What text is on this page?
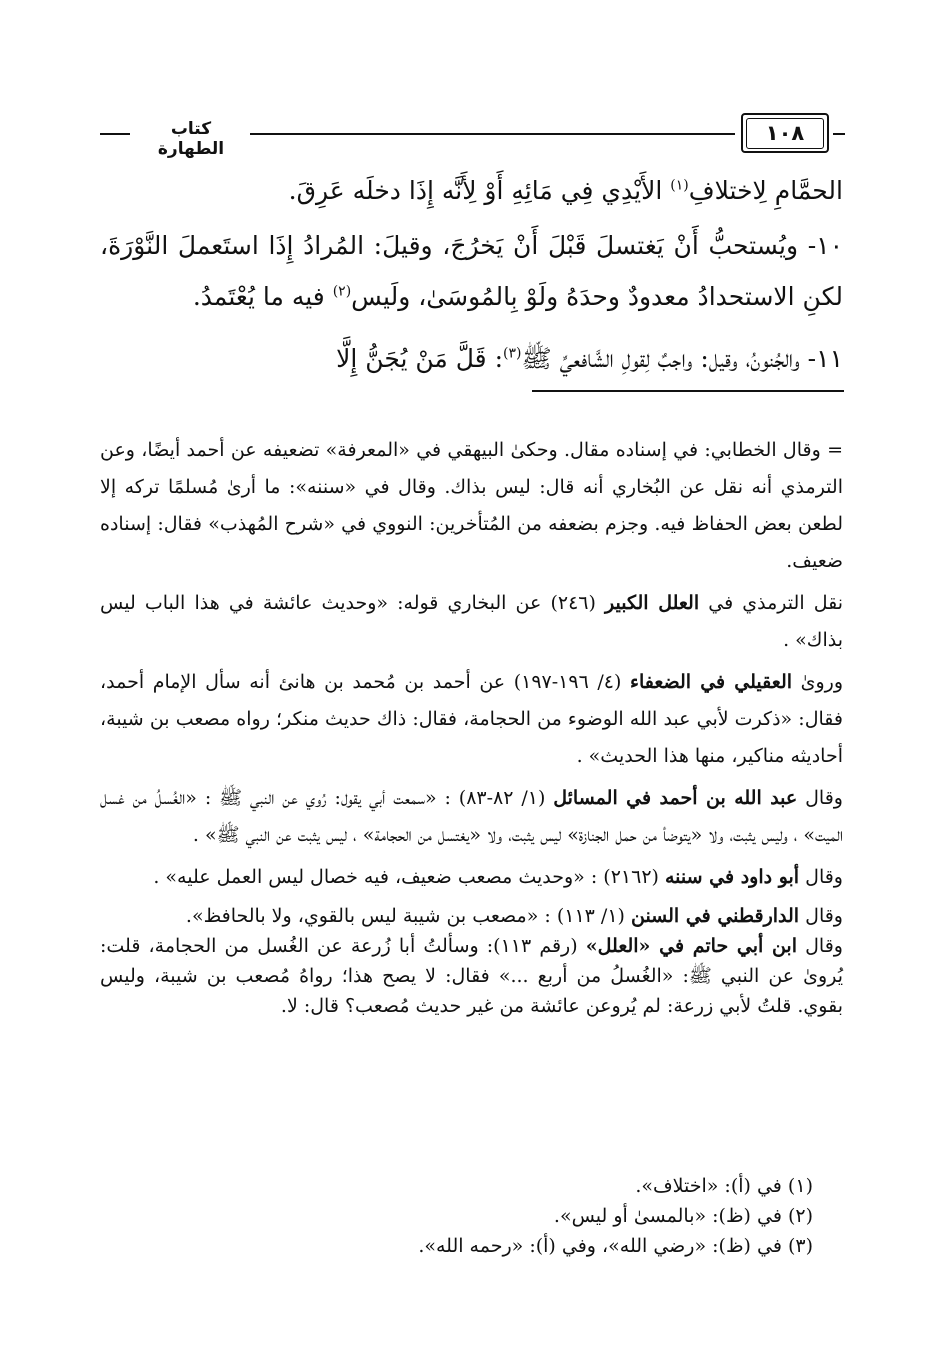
١٠٨
كتاب الطهارة

الحمَّامِ لِاختلافِ$^{(١)}$ الأَيْدِي فِي مَائِهِ أَوْ لِأَنَّه إِذَا دخلَه عَرِقَ.

١٠- ويُستحبُّ أَنْ يَغتسلَ قَبْلَ أَنْ يَخرُجَ، وقيلَ: المُرادُ إِذَا استَعملَ النَّوْرَةَ، لكنِ الاستحدادُ معدودٌ وحدَهُ ولَوْ بِالمُوسَىٰ، ولَيس$^{(٢)}$ فيه ما يُعْتَمدُ.

١١- والجُنونُ، وقيل: واجبٌ لِقولِ الشَّافعيِّ ﷺ$^{(٣)}$: قَلَّ مَنْ يُجَنُّ إِلَّا

= وقال الخطابي: في إسناده مقال. وحكىٰ البيهقي في «المعرفة» تضعيفه عن أحمد أيضًا، وعن الترمذي أنه نقل عن البُخاري أنه قال: ليس بذاك. وقال في «سننه»: ما أرىٰ مُسلمًا تركه إلا لطعن بعض الحفاظ فيه. وجزم بضعفه من المُتأخرين: النووي في «شرح المُهذب» فقال: إسناده ضعيف.

نقل الترمذي في العلل الكبير (٢٤٦) عن البخاري قوله: «وحديث عائشة في هذا الباب ليس بذاك» .

وروىٰ العقيلي في الضعفاء (٤/ ١٩٦-١٩٧) عن أحمد بن مُحمد بن هانئ أنه سأل الإمام أحمد، فقال: «ذكرت لأبي عبد الله الوضوء من الحجامة، فقال: ذاك حديث منكر؛ رواه مصعب بن شيبة، أحاديثه مناكير، منها هذا الحديث» .

وقال عبد الله بن أحمد في المسائل (١/ ٨٢-٨٣) : «سمعت أبي يقول: رُوي عن النبي ﷺ : «الغُسلُ من غسل الميت» ، وليس يثبت، ولا «يتوضأ من حمل الجنازة» ليس يثبت، ولا «يغتسل من الحجامة» ، ليس يثبت عن النبي ﷺ» .

وقال أبو داود في سننه (٢١٦٢) : «وحديث مصعب ضعيف، فيه خصال ليس العمل عليه» .

وقال الدارقطني في السنن (١/ ١١٣) : «مصعب بن شيبة ليس بالقوي، ولا بالحافظ».

وقال ابن أبي حاتم في «العلل» (رقم ١١٣): وسألتُ أبا زُرعة عن الغُسل من الحجامة، قلت: يُروىٰ عن النبي ﷺ: «الغُسلُ من أربع ...» فقال: لا يصح هذا؛ رواهُ مُصعب بن شيبة، وليس بقوي. قلتُ لأبي زرعة: لم يُروعن عائشة من غير حديث مُصعب؟ قال: لا.

(١) في (أ): «اختلاف».

(٢) في (ظ): «بالمسىٰ أو ليس».

(٣) في (ظ): «رضي الله»، وفي (أ): «رحمه الله».
